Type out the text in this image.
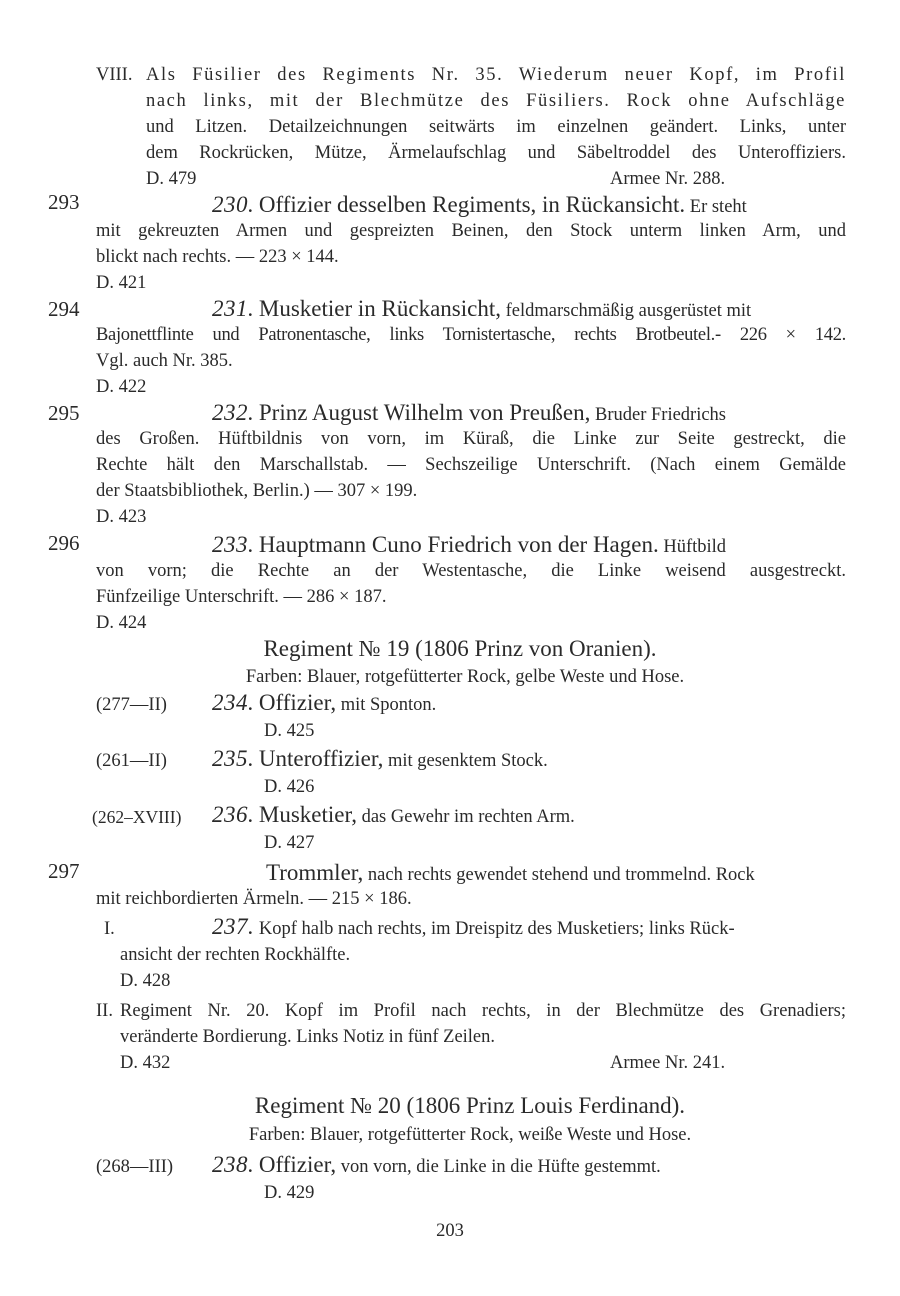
VIII. Als Füsilier des Regiments Nr. 35. Wiederum neuer Kopf, im Profil
nach links, mit der Blechmütze des Füsiliers. Rock ohne Aufschläge
und Litzen. Detailzeichnungen seitwärts im einzelnen geändert. Links, unter
dem Rockrücken, Mütze, Ärmelaufschlag und Säbeltroddel des Unteroffiziers.
D. 479	Armee Nr. 288.
293	230. Offizier desselben Regiments, in Rückansicht. Er steht
mit gekreuzten Armen und gespreizten Beinen, den Stock unterm linken Arm, und
blickt nach rechts. — 223 × 144.
D. 421
294	231. Musketier in Rückansicht, feldmarschmäßig ausgerüstet mit
Bajonettflinte und Patronentasche, links Tornistertasche, rechts Brotbeutel.- 226 × 142.
Vgl. auch Nr. 385.
D. 422
295	232. Prinz August Wilhelm von Preußen, Bruder Friedrichs
des Großen. Hüftbildnis von vorn, im Küraß, die Linke zur Seite gestreckt, die
Rechte hält den Marschallstab. — Sechszeilige Unterschrift. (Nach einem Gemälde
der Staatsbibliothek, Berlin.) — 307 × 199.
D. 423
296	233. Hauptmann Cuno Friedrich von der Hagen. Hüftbild
von vorn; die Rechte an der Westentasche, die Linke weisend ausgestreckt.
Fünfzeilige Unterschrift. — 286 × 187.
D. 424
Regiment № 19 (1806 Prinz von Oranien).
Farben: Blauer, rotgefütterter Rock, gelbe Weste und Hose.
(277—II) 234. Offizier, mit Sponton.
D. 425
(261—II) 235. Unteroffizier, mit gesenktem Stock.
D. 426
(262–XVIII) 236. Musketier, das Gewehr im rechten Arm.
D. 427
297	Trommler, nach rechts gewendet stehend und trommelnd. Rock
mit reichbordierten Ärmeln. — 215 × 186.
I.	237. Kopf halb nach rechts, im Dreispitz des Musketiers; links Rück-
ansicht der rechten Rockhälfte.
D. 428
II. Regiment Nr. 20. Kopf im Profil nach rechts, in der Blechmütze des Grenadiers;
veränderte Bordierung. Links Notiz in fünf Zeilen.
D. 432	Armee Nr. 241.
Regiment № 20 (1806 Prinz Louis Ferdinand).
Farben: Blauer, rotgefütterter Rock, weiße Weste und Hose.
(268—III) 238. Offizier, von vorn, die Linke in die Hüfte gestemmt.
D. 429
203
